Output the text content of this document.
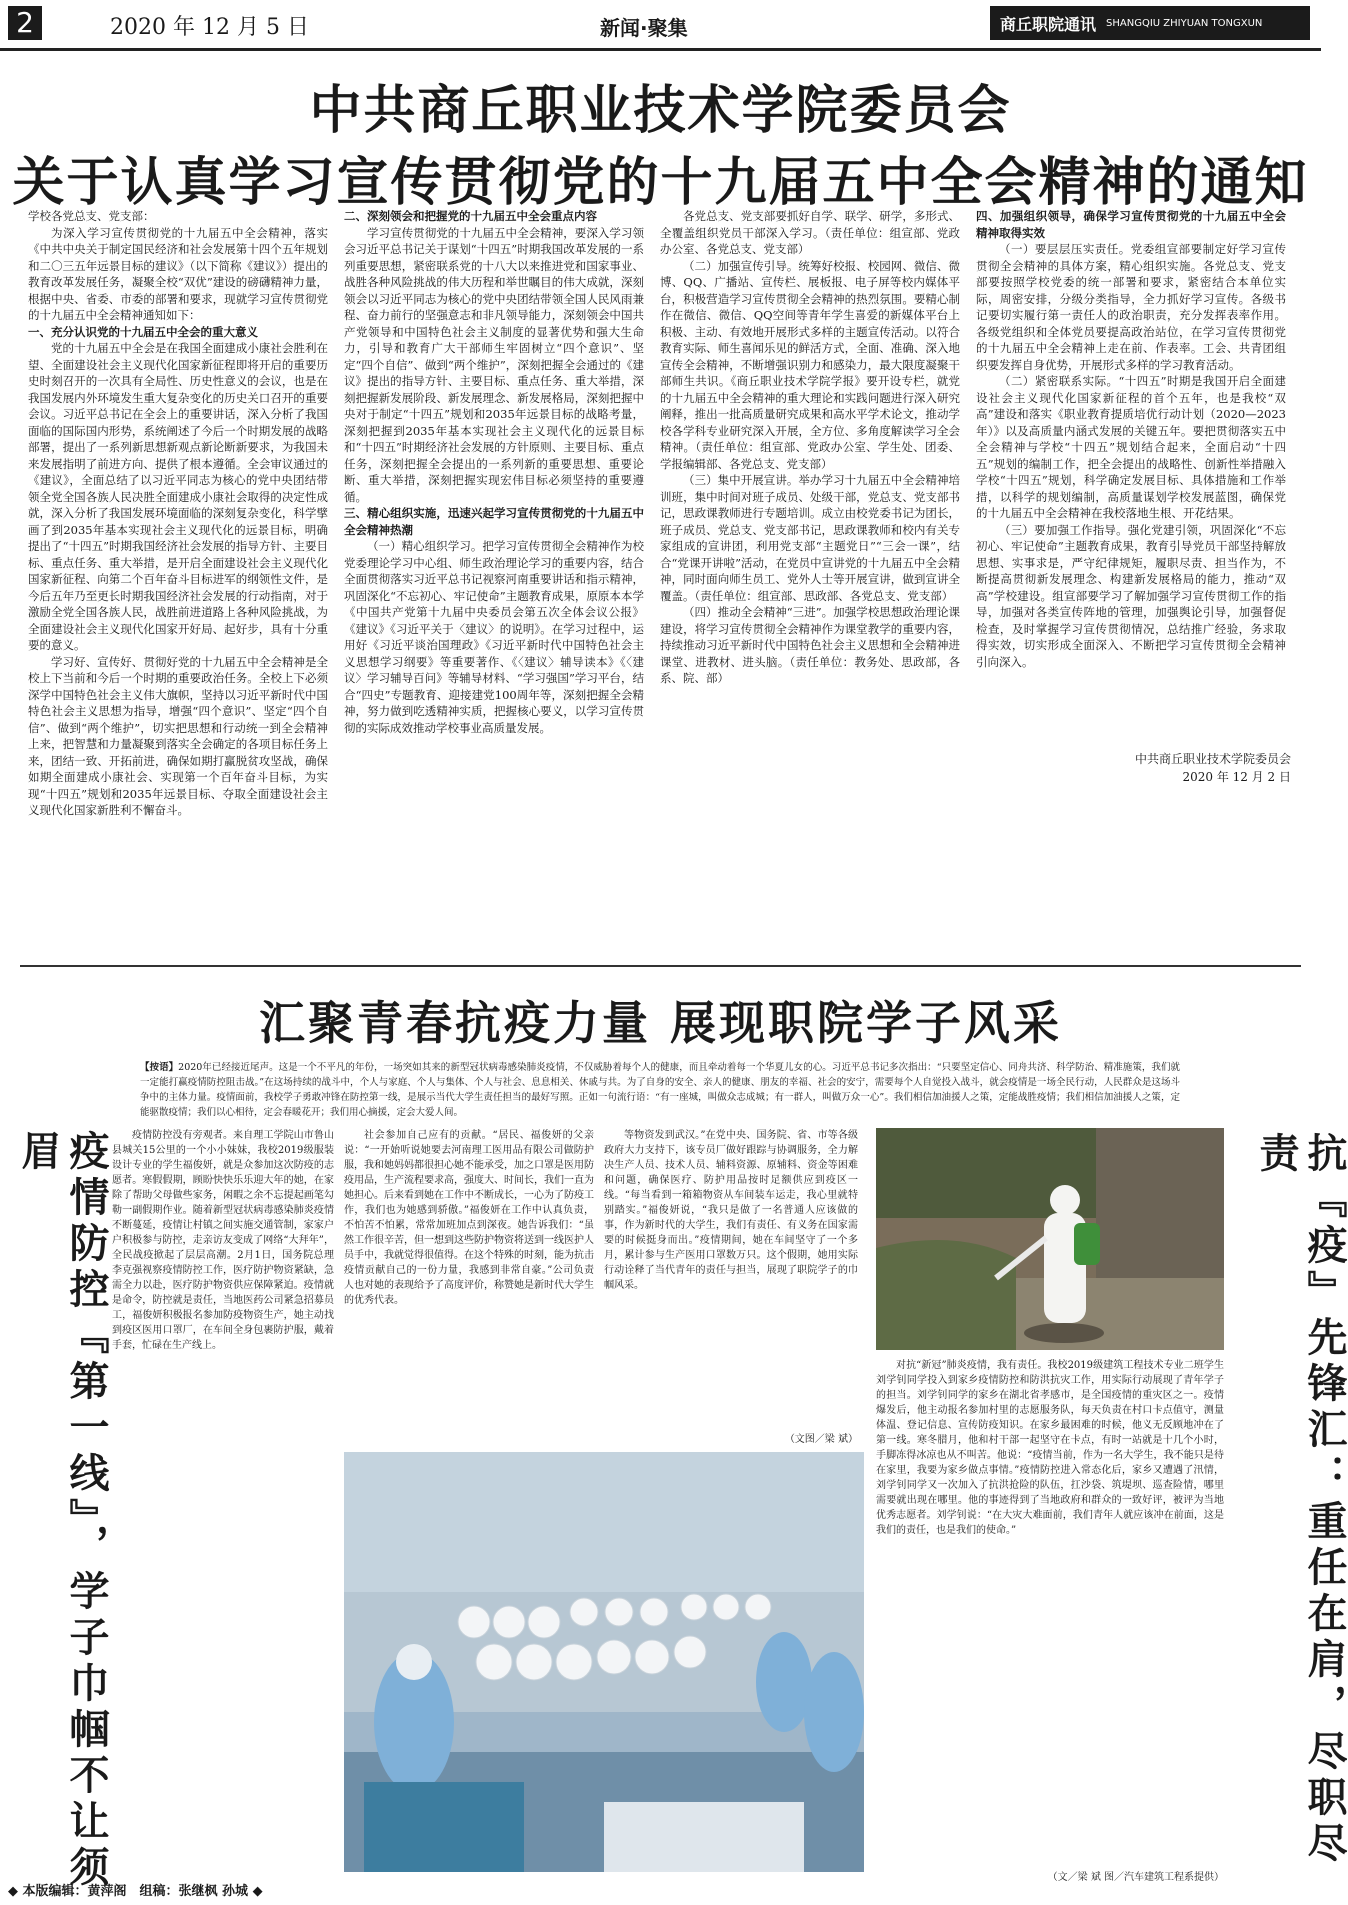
2	2020 年 12 月 5 日	新闻·聚集	商丘职院通讯 SHANGQIU ZHIYUAN TONGXUN
中共商丘职业技术学院委员会
关于认真学习宣传贯彻党的十九届五中全会精神的通知

学校各党总支、党支部：

为深入学习宣传贯彻党的十九届五中全会精神，落实《中共中央关于制定国民经济和社会发展第十四个五年规划和二〇三五年远景目标的建议》（以下简称《建议》）提出的教育改革发展任务，凝聚全校“双优”建设的磅礴精神力量，根据中央、省委、市委的部署和要求，现就学习宣传贯彻党的十九届五中全会精神通知如下：

一、充分认识党的十九届五中全会的重大意义

党的十九届五中全会是在我国全面建成小康社会胜利在望、全面建设社会主义现代化国家新征程即将开启的重要历史时刻召开的一次具有全局性、历史性意义的会议，也是在我国发展内外环境发生重大复杂变化的历史关口召开的重要会议。习近平总书记在全会上的重要讲话，深入分析了我国面临的国际国内形势，系统阐述了今后一个时期发展的战略部署，提出了一系列新思想新观点新论断新要求，为我国未来发展指明了前进方向、提供了根本遵循。全会审议通过的《建议》，全面总结了以习近平同志为核心的党中央团结带领全党全国各族人民决胜全面建成小康社会取得的决定性成就，深入分析了我国发展环境面临的深刻复杂变化，科学擘画了到2035年基本实现社会主义现代化的远景目标，明确提出了“十四五”时期我国经济社会发展的指导方针、主要目标、重点任务、重大举措，是开启全面建设社会主义现代化国家新征程、向第二个百年奋斗目标进军的纲领性文件，是今后五年乃至更长时期我国经济社会发展的行动指南，对于激励全党全国各族人民，战胜前进道路上各种风险挑战，为全面建设社会主义现代化国家开好局、起好步，具有十分重要的意义。

学习好、宣传好、贯彻好党的十九届五中全会精神是全校上下当前和今后一个时期的重要政治任务。全校上下必须深学中国特色社会主义伟大旗帜，坚持以习近平新时代中国特色社会主义思想为指导，增强“四个意识”、坚定“四个自信”、做到“两个维护”，切实把思想和行动统一到全会精神上来，把智慧和力量凝聚到落实全会确定的各项目标任务上来，团结一致、开拓前进，确保如期打赢脱贫攻坚战，确保如期全面建成小康社会、实现第一个百年奋斗目标，为实现“十四五”规划和2035年远景目标、夺取全面建设社会主义现代化国家新胜利不懈奋斗。

二、深刻领会和把握党的十九届五中全会重点内容

学习宣传贯彻党的十九届五中全会精神，要深入学习领会习近平总书记关于谋划“十四五”时期我国改革发展的一系列重要思想，紧密联系党的十八大以来推进党和国家事业、战胜各种风险挑战的伟大历程和举世瞩目的伟大成就，深刻领会以习近平同志为核心的党中央团结带领全国人民风雨兼程、奋力前行的坚强意志和非凡领导能力，深刻领会中国共产党领导和中国特色社会主义制度的显著优势和强大生命力，引导和教育广大干部师生牢固树立“四个意识”、坚定“四个自信”、做到“两个维护”，深刻把握全会通过的《建议》提出的指导方针、主要目标、重点任务、重大举措，深刻把握新发展阶段、新发展理念、新发展格局，深刻把握中央对于制定“十四五”规划和2035年远景目标的战略考量，深刻把握到2035年基本实现社会主义现代化的远景目标和“十四五”时期经济社会发展的方针原则、主要目标、重点任务，深刻把握全会提出的一系列新的重要思想、重要论断、重大举措，深刻把握实现宏伟目标必须坚持的重要遵循。

三、精心组织实施，迅速兴起学习宣传贯彻党的十九届五中全会精神热潮

（一）精心组织学习。把学习宣传贯彻全会精神作为校党委理论学习中心组、师生政治理论学习的重要内容，结合全面贯彻落实习近平总书记视察河南重要讲话和指示精神，巩固深化“不忘初心、牢记使命”主题教育成果，原原本本学《中国共产党第十九届中央委员会第五次全体会议公报》《建议》《习近平关于〈建议〉的说明》。在学习过程中，运用好《习近平谈治国理政》《习近平新时代中国特色社会主义思想学习纲要》等重要著作、《〈建议〉辅导读本》《〈建议〉学习辅导百问》等辅导材料、“学习强国”学习平台，结合“四史”专题教育、迎接建党100周年等，深刻把握全会精神，努力做到吃透精神实质，把握核心要义，以学习宣传贯彻的实际成效推动学校事业高质量发展。

各党总支、党支部要抓好自学、联学、研学，多形式、全覆盖组织党员干部深入学习。（责任单位：组宣部、党政办公室、各党总支、党支部）

（二）加强宣传引导。统筹好校报、校园网、微信、微博、QQ、广播站、宣传栏、展板报、电子屏等校内媒体平台，积极营造学习宣传贯彻全会精神的热烈氛围。要精心制作在微信、微信、QQ空间等青年学生喜爱的新媒体平台上积极、主动、有效地开展形式多样的主题宣传活动。以符合教育实际、师生喜闻乐见的鲜活方式，全面、准确、深入地宣传全会精神，不断增强识别力和感染力，最大限度凝聚干部师生共识。《商丘职业技术学院学报》要开设专栏，就党的十九届五中全会精神的重大理论和实践问题进行深入研究阐释，推出一批高质量研究成果和高水平学术论文，推动学校各学科专业研究深入开展，全方位、多角度解读学习全会精神。（责任单位：组宣部、党政办公室、学生处、团委、学报编辑部、各党总支、党支部）

（三）集中开展宣讲。举办学习十九届五中全会精神培训班，集中时间对班子成员、处级干部，党总支、党支部书记，思政课教师进行专题培训。成立由校党委书记为团长，班子成员、党总支、党支部书记，思政课教师和校内有关专家组成的宣讲团，利用党支部“主题党日”“三会一课”，结合“党课开讲啦”活动，在党员中宣讲党的十九届五中全会精神，同时面向师生员工、党外人士等开展宣讲，做到宣讲全覆盖。（责任单位：组宣部、思政部、各党总支、党支部）

（四）推动全会精神“三进”。加强学校思想政治理论课建设，将学习宣传贯彻全会精神作为课堂教学的重要内容，持续推动习近平新时代中国特色社会主义思想和全会精神进课堂、进教材、进头脑。（责任单位：教务处、思政部，各系、院、部）

四、加强组织领导，确保学习宣传贯彻党的十九届五中全会精神取得实效

（一）要层层压实责任。党委组宣部要制定好学习宣传贯彻全会精神的具体方案，精心组织实施。各党总支、党支部要按照学校党委的统一部署和要求，紧密结合本单位实际，周密安排，分级分类指导，全力抓好学习宣传。各级书记要切实履行第一责任人的政治职责，充分发挥表率作用。各级党组织和全体党员要提高政治站位，在学习宣传贯彻党的十九届五中全会精神上走在前、作表率。工会、共青团组织要发挥自身优势，开展形式多样的学习教育活动。

（二）紧密联系实际。“十四五”时期是我国开启全面建设社会主义现代化国家新征程的首个五年，也是我校“双高”建设和落实《职业教育提质培优行动计划（2020—2023年）》以及高质量内涵式发展的关键五年。要把贯彻落实五中全会精神与学校“十四五”规划结合起来，全面启动“十四五”规划的编制工作，把全会提出的战略性、创新性举措融入学校“十四五”规划，科学确定发展目标、具体措施和工作举措，以科学的规划编制，高质量谋划学校发展蓝图，确保党的十九届五中全会精神在我校落地生根、开花结果。

（三）要加强工作指导。强化党建引领，巩固深化“不忘初心、牢记使命”主题教育成果，教育引导党员干部坚持解放思想、实事求是，严守纪律规矩，履职尽责、担当作为，不断提高贯彻新发展理念、构建新发展格局的能力，推动“双高”学校建设。组宣部要学习了解加强学习宣传贯彻工作的指导，加强对各类宣传阵地的管理，加强舆论引导，加强督促检查，及时掌握学习宣传贯彻情况，总结推广经验，务求取得实效，切实形成全面深入、不断把学习宣传贯彻全会精神引向深入。

中共商丘职业技术学院委员会
2020 年 12 月 2 日
汇聚青春抗疫力量 展现职院学子风采
【按语】2020年已经接近尾声。这是一个不平凡的年份，一场突如其来的新型冠状病毒感染肺炎疫情，不仅威胁着每个人的健康，而且牵动着每一个华夏儿女的心。习近平总书记多次指出：“只要坚定信心、同舟共济、科学防治、精准施策，我们就一定能打赢疫情防控阻击战。”在这场持续的战斗中，个人与家庭、个人与集体、个人与社会、息息相关、休戚与共。为了自身的安全、亲人的健康、朋友的幸福、社会的安宁，需要每个人自觉投入战斗，就会疫情是一场全民行动，人民群众是这场斗争中的主体力量。疫情面前，我校学子勇敢冲锋在防控第一线，是展示当代大学生责任担当的最好写照。正如一句流行语：“有一座城，叫做众志成城；有一群人，叫做万众一心”。我们相信加油援人之策，定能战胜疫情；我们相信加油援人之策，定能驱散疫情；我们以心相待，定会春暖花开；我们用心摘援，定会大爱人间。
疫情防控『第一线』，学子巾帼不让须眉	抗『疫』先锋汇：重任在肩，尽职尽责

疫情防控没有旁观者。来自理工学院山市鲁山县城关15公里的一个小小妹妹，我校2019级服装设计专业的学生福俊妍，就是众参加这次防疫的志愿者。寒假假期，顾盼快快乐乐迎大年的她，在家除了帮助父母做些家务，闲暇之余不忘提起画笔勾勒一副假期作业。随着新型冠状病毒感染肺炎疫情不断蔓延，疫情让村镇之间实施交通管制，家家户户积极参与防控，走亲访友变成了网络“大拜年”，全民战疫掀起了层层高潮。2月1日，国务院总理李克强视察疫情防控工作，医疗防护物资紧缺，急需全力以赴，医疗防护物资供应保障紧迫。疫情就是命令，防控就是责任，当地医药公司紧急招募员工，福俊妍积极报名参加防疫物资生产，她主动找到疫区医用口罩厂，在车间全身包裹防护服，戴着手套，忙碌在生产线上。

社会参加自己应有的贡献。“居民、福俊妍的父亲说：“一开始听说她要去河南理工医用品有限公司做防护服，我和她妈妈都很担心她不能承受，加之口罩是医用防疫用品，生产流程要求高，强度大、时间长，我们一直为她担心。后来看到她在工作中不断成长，一心为了防疫工作，我们也为她感到骄傲。”福俊妍在工作中认真负责，不怕苦不怕累，常常加班加点到深夜。她告诉我们：“虽然工作很辛苦，但一想到这些防护物资将送到一线医护人员手中，我就觉得很值得。在这个特殊的时刻，能为抗击疫情贡献自己的一份力量，我感到非常自豪。”公司负责人也对她的表现给予了高度评价，称赞她是新时代大学生的优秀代表。

等物资发到武汉。”在党中央、国务院、省、市等各级政府大力支持下，该专员厂做好跟踪与协调服务，全力解决生产人员、技术人员、辅料资源、原辅料、资金等困难和问题，确保医疗、防护用品按时足额供应到疫区一线。“每当看到一箱箱物资从车间装车运走，我心里就特别踏实。”福俊妍说，“我只是做了一名普通人应该做的事，作为新时代的大学生，我们有责任、有义务在国家需要的时候挺身而出。”疫情期间，她在车间坚守了一个多月，累计参与生产医用口罩数万只。这个假期，她用实际行动诠释了当代青年的责任与担当，展现了职院学子的巾帼风采。

（文图／梁 斌）

对抗“新冠”肺炎疫情，我有责任。我校2019级建筑工程技术专业二班学生刘学钊同学投入到家乡疫情防控和防洪抗灾工作，用实际行动展现了青年学子的担当。刘学钊同学的家乡在湖北省孝感市，是全国疫情的重灾区之一。疫情爆发后，他主动报名参加村里的志愿服务队，每天负责在村口卡点值守，测量体温、登记信息、宣传防疫知识。在家乡最困难的时候，他义无反顾地冲在了第一线。寒冬腊月，他和村干部一起坚守在卡点，有时一站就是十几个小时，手脚冻得冰凉也从不叫苦。他说：“疫情当前，作为一名大学生，我不能只是待在家里，我要为家乡做点事情。”疫情防控进入常态化后，家乡又遭遇了汛情，刘学钊同学又一次加入了抗洪抢险的队伍，扛沙袋、筑堤坝、巡查险情，哪里需要就出现在哪里。他的事迹得到了当地政府和群众的一致好评，被评为当地优秀志愿者。刘学钊说：“在大灾大难面前，我们青年人就应该冲在前面，这是我们的责任，也是我们的使命。”

（文／梁 斌 图／汽车建筑工程系提供）
◆ 本版编辑：黄萍阁　组稿：张继枫 孙城 ◆
